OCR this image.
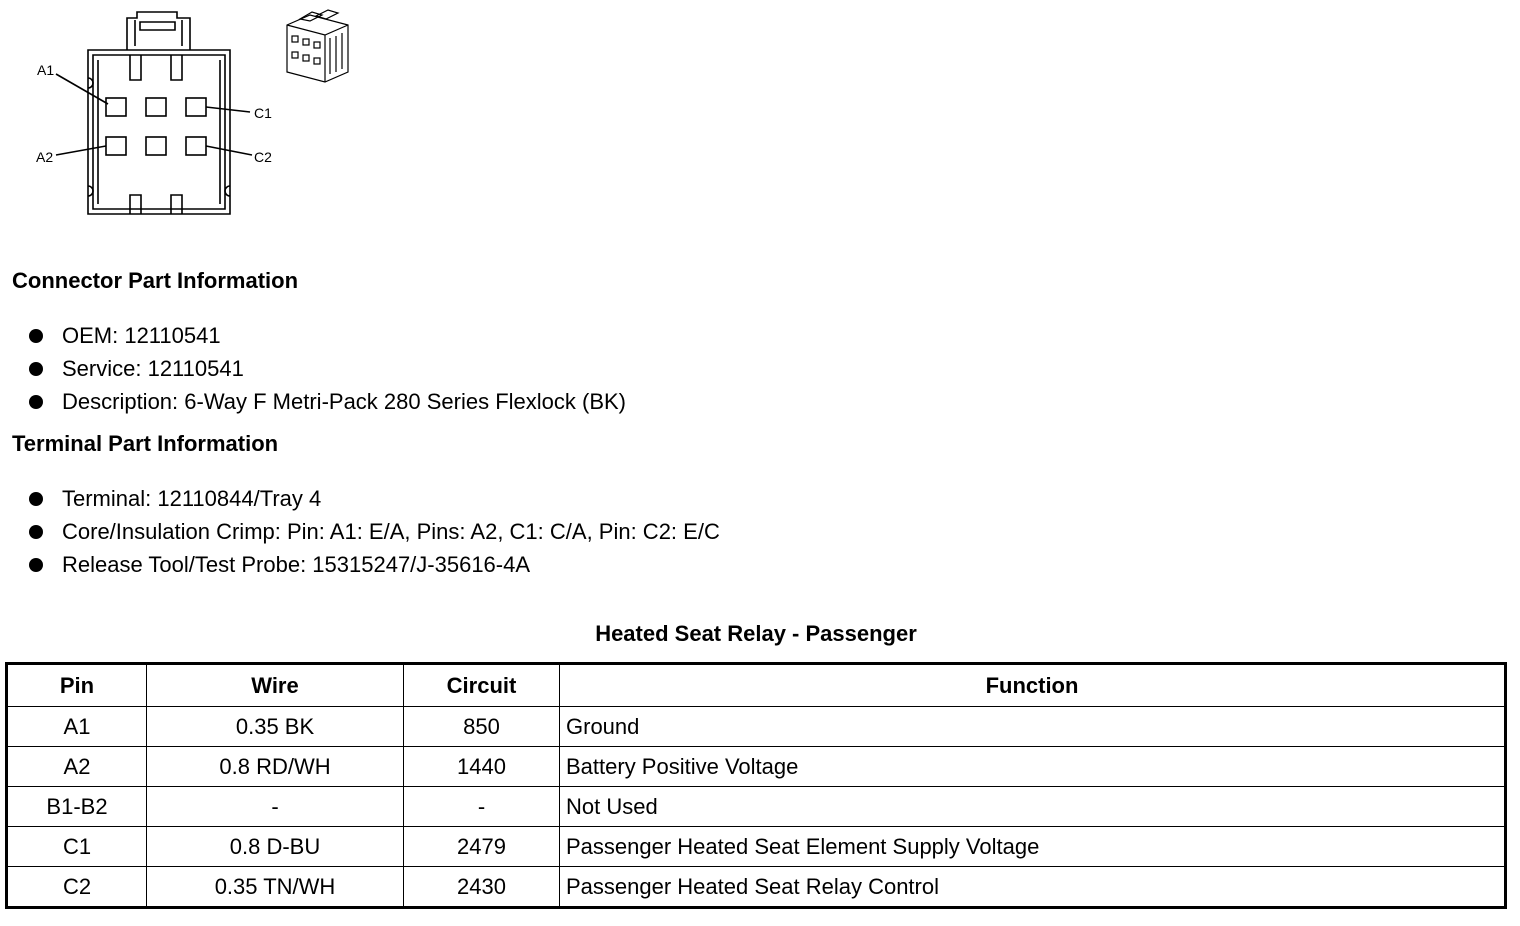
A1
A2
C1
C2
Connector Part Information
OEM: 12110541
Service: 12110541
Description: 6-Way F Metri-Pack 280 Series Flexlock (BK)
Terminal Part Information
Terminal: 12110844/Tray 4
Core/Insulation Crimp: Pin: A1: E/A, Pins: A2, C1: C/A, Pin: C2: E/C
Release Tool/Test Probe: 15315247/J-35616-4A
Heated Seat Relay - Passenger
Pin	Wire	Circuit	Function
A1	0.35 BK	850	Ground
A2	0.8 RD/WH	1440	Battery Positive Voltage
B1-B2	-	-	Not Used
C1	0.8 D-BU	2479	Passenger Heated Seat Element Supply Voltage
C2	0.35 TN/WH	2430	Passenger Heated Seat Relay Control
